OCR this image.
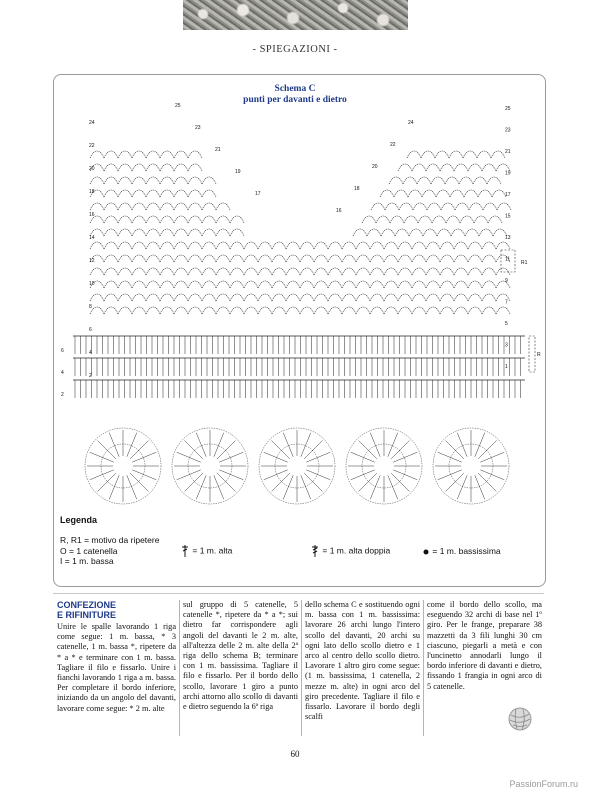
- SPIEGAZIONI -
Schema C
punti per davanti e dietro
24
22
20
18
16
14
12
10
8
6
4
2
25
23
21
19
17
15
13
11
9
7
5
3
1
25
23
21
19
17
24
22
20
18
16
R1
R
6
4
2
Legenda
R, R1 = motivo da ripetere
O = 1 catenella
I = 1 m. bassa
= 1 m. alta	= 1 m. alta doppia	= 1 m. bassissima
CONFEZIONE
E RIFINITURE
Unire le spalle lavorando 1 riga come segue: 1 m. bassa, * 3 catenelle, 1 m. bassa *, ripetere da * a * e terminare con 1 m. bassa. Tagliare il filo e fissarlo. Unire i fianchi lavorando 1 riga a m. bassa. Per completare il bordo inferiore, iniziando da un angolo del davanti, lavorare come segue: * 2 m. alte
sul gruppo di 5 catenelle, 5 catenelle *, ripetere da * a *; sui dietro far corrispondere agli angoli del davanti le 2 m. alte, all'altezza delle 2 m. alte della 2ª riga dello schema B; terminare con 1 m. bassissima. Tagliare il filo e fissarlo. Per il bordo dello scollo, lavorare 1 giro a punto archi attorno allo scollo di davanti e dietro seguendo la 6ª riga
dello schema C e sostituendo ogni m. bassa con 1 m. bassissima: lavorare 26 archi lungo l'intero scollo del davanti, 20 archi su ogni lato dello scollo dietro e 1 arco al centro dello scollo dietro. Lavorare 1 altro giro come segue: (1 m. bassissima, 1 catenella, 2 mezze m. alte) in ogni arco del giro precedente. Tagliare il filo e fissarlo. Lavorare il bordo degli scalfi
come il bordo dello scollo, ma eseguendo 32 archi di base nel 1º giro. Per le frange, preparare 38 mazzetti da 3 fili lunghi 30 cm ciascuno, piegarli a metà e con l'uncinetto annodarli lungo il bordo inferiore di davanti e dietro, fissando 1 frangia in ogni arco di 5 catenelle.
60
PassionForum.ru
